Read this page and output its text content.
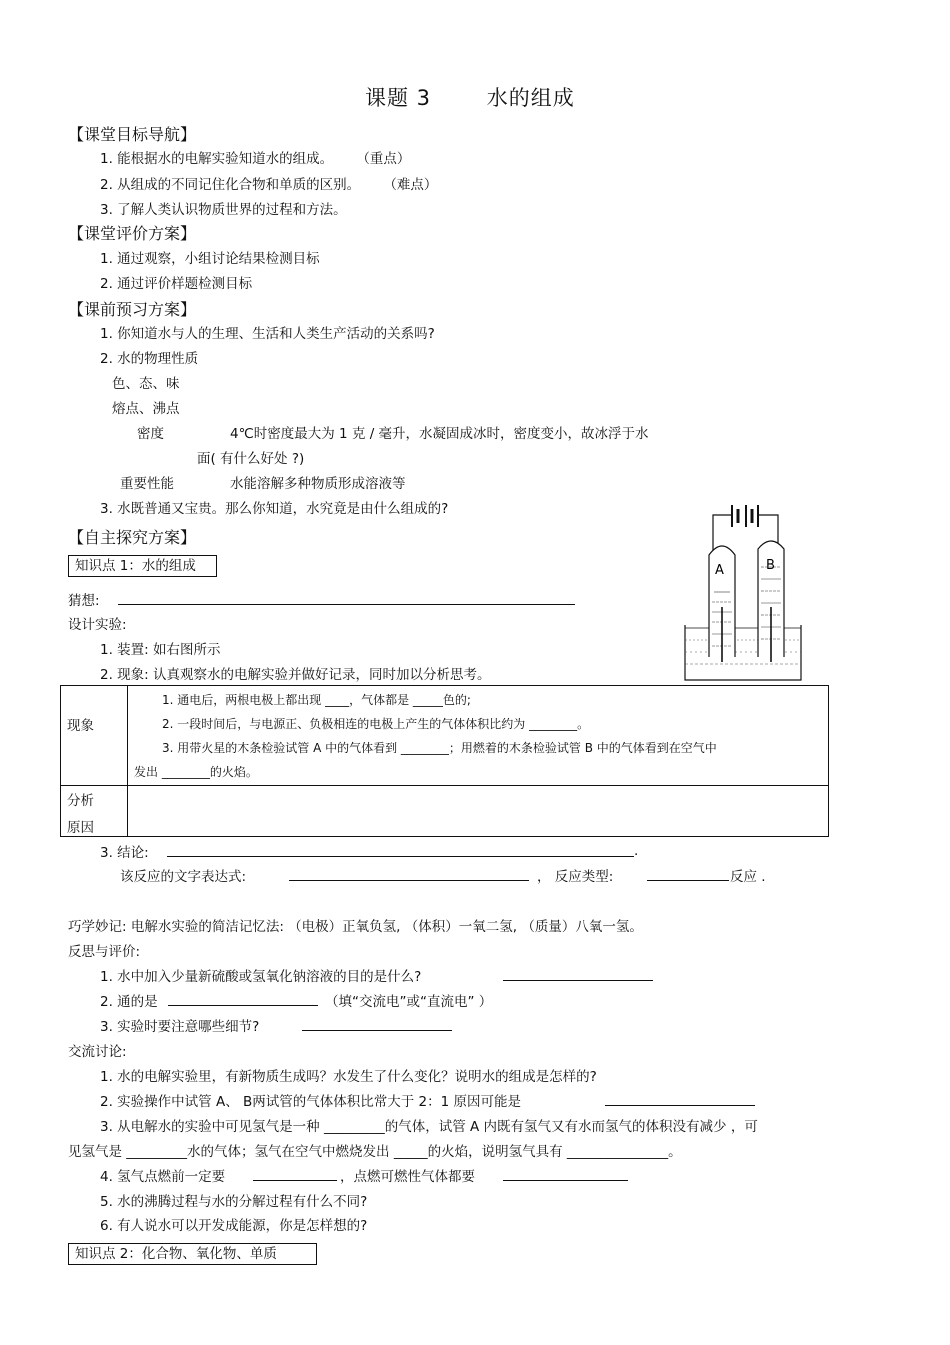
课题 3	水的组成
【课堂目标导航】
1. 能根据水的电解实验知道水的组成。 （重点）
2. 从组成的不同记住化合物和单质的区别。 （难点）
3. 了解人类认识物质世界的过程和方法。
【课堂评价方案】
1. 通过观察，小组讨论结果检测目标
2. 通过评价样题检测目标
【课前预习方案】
1. 你知道水与人的生理、生活和人类生产活动的关系吗?
2. 水的物理性质
色、态、味
熔点、沸点
密度	4℃时密度最大为 1 克 / 毫升，水凝固成冰时，密度变小，故冰浮于水
面( 有什么好处 ?)
重要性能	水能溶解多种物质形成溶液等
3. 水既普通又宝贵。那么你知道，水究竟是由什么组成的?
【自主探究方案】
知识点 1：水的组成
猜想:
设计实验:
1. 装置: 如右图所示
2. 现象: 认真观察水的电解实验并做好记录，同时加以分析思考。
A	B
现象	1. 通电后，两根电极上都出现 ____，气体都是 _____色的;
2. 一段时间后，与电源正、负极相连的电极上产生的气体体积比约为 ________。
3. 用带火星的木条检验试管 A 中的气体看到 ________；用燃着的木条检验试管 B 中的气体看到在空气中
发出 ________的火焰。

分析
原因	

3. 结论:	.
该反应的文字表达式:	， 反应类型:	反应 .
巧学妙记: 电解水实验的简洁记忆法: （电极）正氧负氢, （体积）一氧二氢, （质量）八氧一氢。
反思与评价:
1. 水中加入少量新硫酸或氢氧化钠溶液的目的是什么?
2. 通的是	（填“交流电”或“直流电” ）
3. 实验时要注意哪些细节?
交流讨论:
1. 水的电解实验里，有新物质生成吗？水发生了什么变化？说明水的组成是怎样的?
2. 实验操作中试管 A、 B两试管的气体体积比常大于 2：1 原因可能是
3. 从电解水的实验中可见氢气是一种 _________的气体，试管 A 内既有氢气又有水而氢气的体积没有减少 ，可
见氢气是 _________水的气体；氢气在空气中燃烧发出 _____的火焰，说明氢气具有 _______________。
4. 氢气点燃前一定要	，点燃可燃性气体都要
5. 水的沸腾过程与水的分解过程有什么不同?
6. 有人说水可以开发成能源，你是怎样想的?
知识点 2：化合物、氧化物、单质
